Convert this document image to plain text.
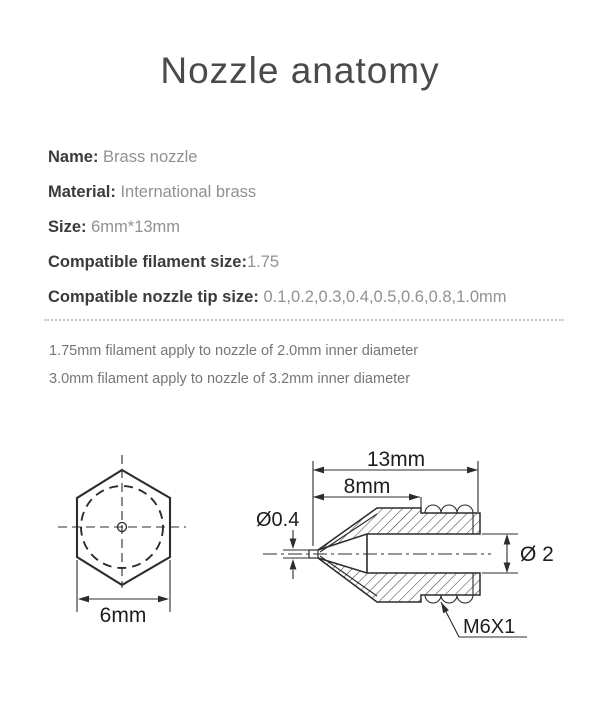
Nozzle anatomy
Name: Brass nozzle
Material: International brass
Size: 6mm*13mm
Compatible filament size:1.75
Compatible nozzle tip size: 0.1,0.2,0.3,0.4,0.5,0.6,0.8,1.0mm
1.75mm filament apply to nozzle of 2.0mm inner diameter
3.0mm filament apply to nozzle of 3.2mm inner diameter
6mm
13mm
8mm
Ø0.4
Ø 2
M6X1
